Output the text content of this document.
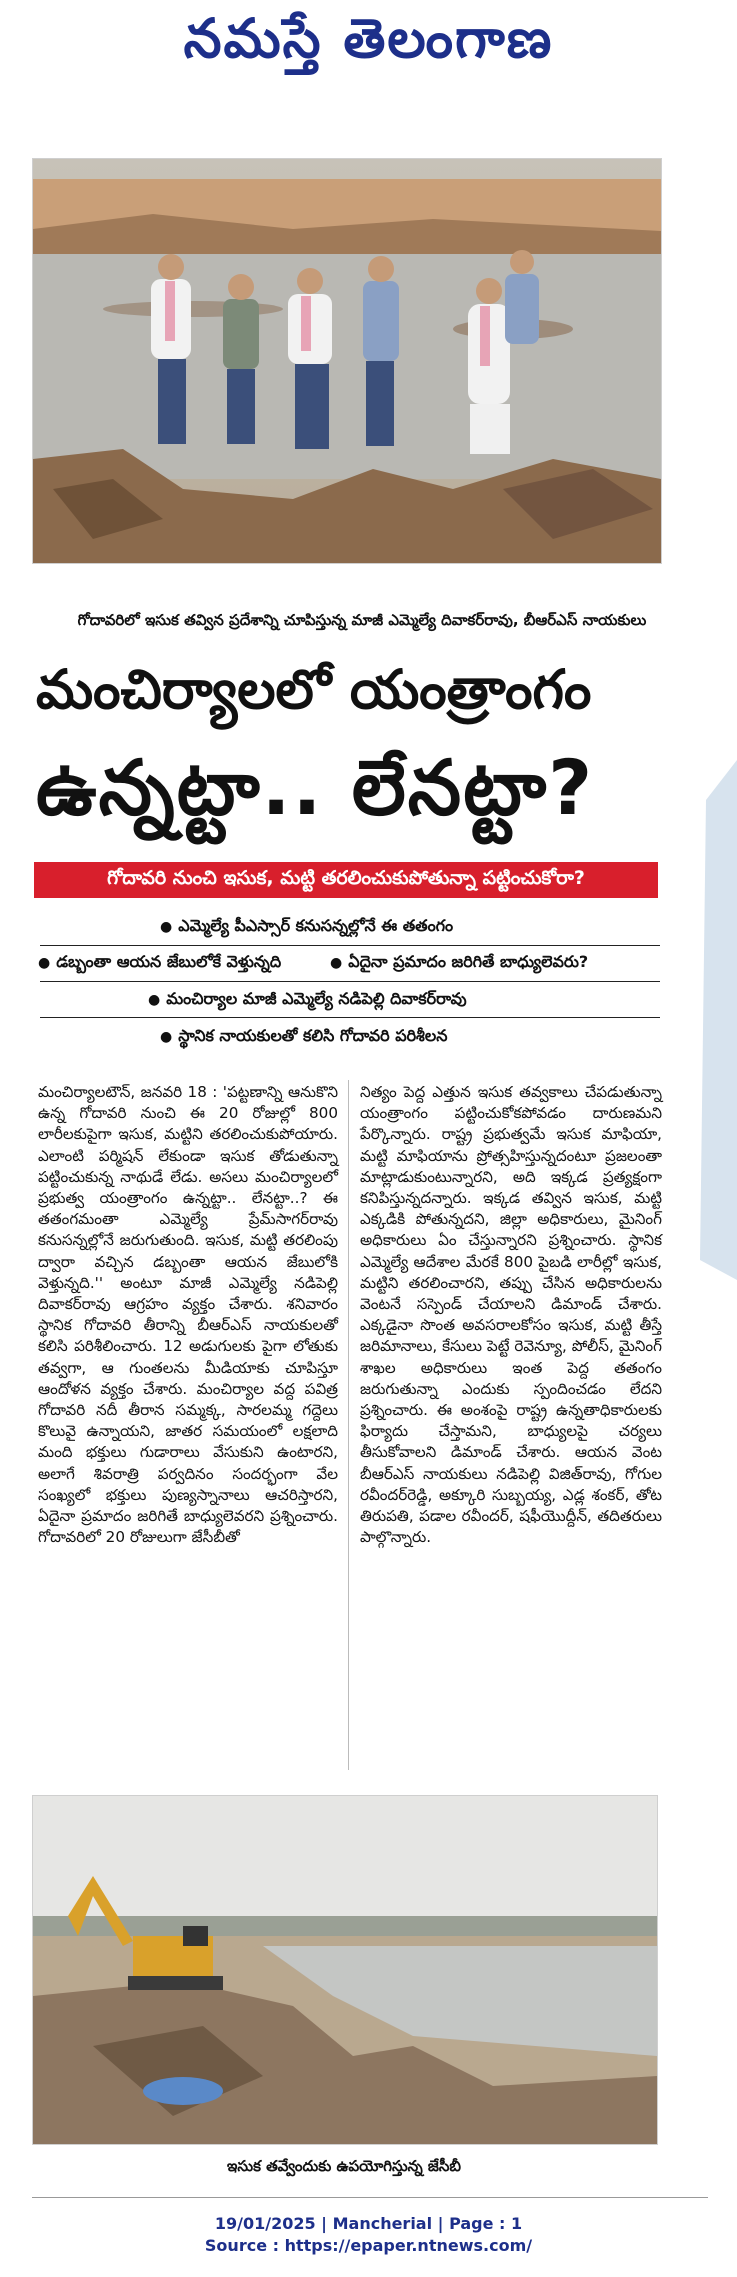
నమస్తే తెలంగాణ
గోదావరిలో ఇసుక తవ్విన ప్రదేశాన్ని చూపిస్తున్న మాజీ ఎమ్మెల్యే దివాకర్‌రావు, బీఆర్‌ఎస్ నాయకులు
మంచిర్యాలలో యంత్రాంగం
ఉన్నట్టా.. లేనట్టా?
గోదావరి నుంచి ఇసుక, మట్టి తరలించుకుపోతున్నా పట్టించుకోరా?
● ఎమ్మెల్యే పీఎస్సార్ కనుసన్నల్లోనే ఈ తతంగం
● డబ్బంతా ఆయన జేబులోకే వెళ్తున్నది
●	ఏదైనా ప్రమాదం జరిగితే బాధ్యులెవరు?
● మంచిర్యాల మాజీ ఎమ్మెల్యే నడిపెల్లి దివాకర్‌రావు
● స్థానిక నాయకులతో కలిసి గోదావరి పరిశీలన
మంచిర్యాలటౌన్, జనవరి 18 : 'పట్టణాన్ని ఆనుకొని ఉన్న గోదావరి నుంచి ఈ 20 రోజుల్లో 800 లారీలకుపైగా ఇసుక, మట్టిని తరలించుకుపోయారు. ఎలాంటి పర్మిషన్ లేకుండా ఇసుక తోడుతున్నా పట్టించుకున్న నాథుడే లేడు. అసలు మంచిర్యాలలో ప్రభుత్వ యంత్రాంగం ఉన్నట్టా.. లేనట్టా..? ఈ తతంగమంతా ఎమ్మెల్యే ప్రేమ్‌సాగర్‌రావు కనుసన్నల్లోనే జరుగుతుంది. ఇసుక, మట్టి తరలింపు ద్వారా వచ్చిన డబ్బంతా ఆయన జేబులోకి వెళ్తున్నది.'' అంటూ మాజీ ఎమ్మెల్యే నడిపెల్లి దివాకర్‌రావు ఆగ్రహం వ్యక్తం చేశారు. శనివారం స్థానిక గోదావరి తీరాన్ని బీఆర్‌ఎస్ నాయకులతో కలిసి పరిశీలించారు. 12 అడుగులకు పైగా లోతుకు తవ్వగా, ఆ గుంతలను మీడియాకు చూపిస్తూ ఆందోళన వ్యక్తం చేశారు. మంచిర్యాల వద్ద పవిత్ర గోదావరి నదీ తీరాన సమ్మక్క, సారలమ్మ గద్దెలు కొలువై ఉన్నాయని, జాతర సమయంలో లక్షలాది మంది భక్తులు గుడారాలు వేసుకుని ఉంటారని, అలాగే శివరాత్రి పర్వదినం సందర్భంగా వేల సంఖ్యలో భక్తులు పుణ్యస్నానాలు ఆచరిస్తారని, ఏదైనా ప్రమాదం జరిగితే బాధ్యులెవరని ప్రశ్నించారు. గోదావరిలో 20 రోజులుగా జేసీబీతో
నిత్యం పెద్ద ఎత్తున ఇసుక తవ్వకాలు చేపడుతున్నా యంత్రాంగం పట్టించుకోకపోవడం దారుణమని పేర్కొన్నారు. రాష్ట్ర ప్రభుత్వమే ఇసుక మాఫియా, మట్టి మాఫియాను ప్రోత్సహిస్తున్నదంటూ ప్రజలంతా మాట్లాడుకుంటున్నారని, అది ఇక్కడ ప్రత్యక్షంగా కనిపిస్తున్నదన్నారు. ఇక్కడ తవ్విన ఇసుక, మట్టి ఎక్కడికి పోతున్నదని, జిల్లా అధికారులు, మైనింగ్ అధికారులు ఏం చేస్తున్నారని ప్రశ్నించారు. స్థానిక ఎమ్మెల్యే ఆదేశాల మేరకే 800 పైబడి లారీల్లో ఇసుక, మట్టిని తరలించారని, తప్పు చేసిన అధికారులను వెంటనే సస్పెండ్ చేయాలని డిమాండ్ చేశారు. ఎక్కడైనా సొంత అవసరాలకోసం ఇసుక, మట్టి తీస్తే జరిమానాలు, కేసులు పెట్టే రెవెన్యూ, పోలీస్, మైనింగ్ శాఖల అధికారులు ఇంత పెద్ద తతంగం జరుగుతున్నా ఎందుకు స్పందించడం లేదని ప్రశ్నించారు. ఈ అంశంపై రాష్ట్ర ఉన్నతాధికారులకు ఫిర్యాదు చేస్తామని, బాధ్యులపై చర్యలు తీసుకోవాలని డిమాండ్ చేశారు. ఆయన వెంట బీఆర్‌ఎస్ నాయకులు నడిపెల్లి విజిత్‌రావు, గోగుల రవీందర్‌రెడ్డి, అక్కూరి సుబ్బయ్య, ఎడ్ల శంకర్, తోట తిరుపతి, పడాల రవీందర్, షఫీయొద్దీన్, తదితరులు పాల్గొన్నారు.
ఇసుక తవ్వేందుకు ఉపయోగిస్తున్న జేసీబీ
19/01/2025 | Mancherial | Page : 1
Source : https://epaper.ntnews.com/
